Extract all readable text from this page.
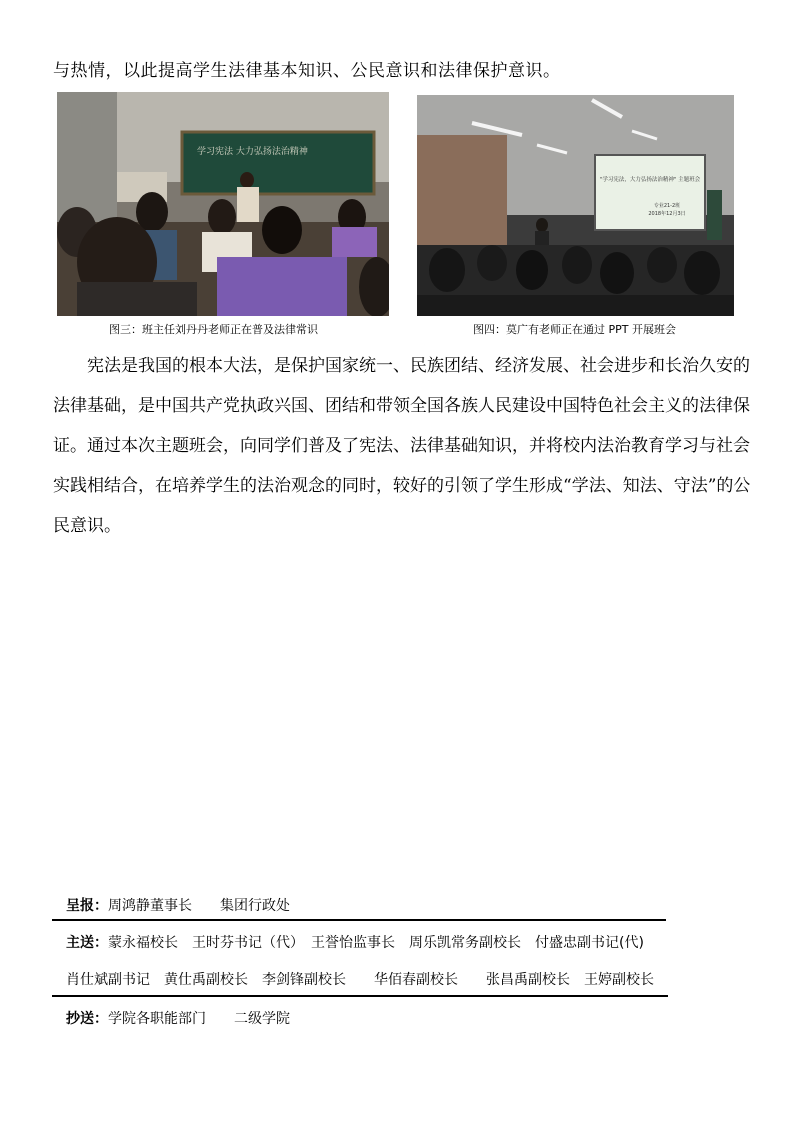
与热情，以此提高学生法律基本知识、公民意识和法律保护意识。
学习宪法 大力弘扬法治精神
"学习宪法，大力弘扬法治精神" 主题班会
专业21-2班
2018年12月3日
图三：班主任刘丹丹老师正在普及法律常识	图四：莫广有老师正在通过 PPT 开展班会

宪法是我国的根本大法，是保护国家统一、民族团结、经济发展、社会进步和长治久安的法律基础，是中国共产党执政兴国、团结和带领全国各族人民建设中国特色社会主义的法律保证。通过本次主题班会，向同学们普及了宪法、法律基础知识，并将校内法治教育学习与社会实践相结合，在培养学生的法治观念的同时，较好的引领了学生形成“学法、知法、守法”的公民意识。

呈报：周鸿静董事长　　集团行政处
主送：蒙永福校长　王时芬书记（代）　王誉怡监事长　周乐凯常务副校长　付盛忠副书记(代)
肖仕斌副书记　黄仕禹副校长　李剑锋副校长　　华佰春副校长　　张昌禹副校长　王婷副校长
抄送：学院各职能部门　　二级学院
